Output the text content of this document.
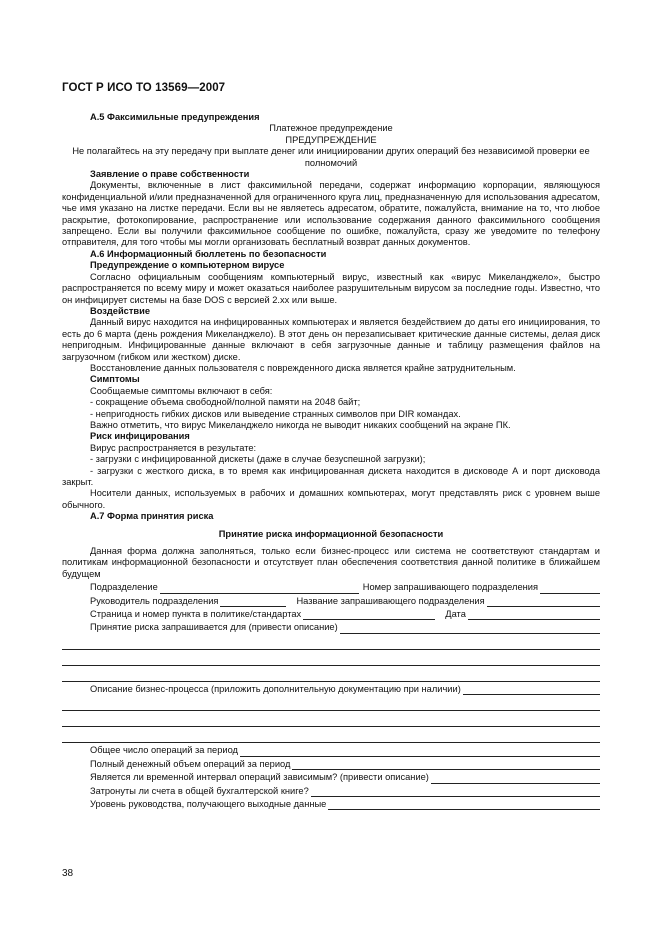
ГОСТ Р ИСО ТО 13569—2007

А.5 Факсимильные предупреждения

Платежное предупреждение

ПРЕДУПРЕЖДЕНИЕ

Не полагайтесь на эту передачу при выплате денег или инициировании других операций без независимой проверки ее полномочий

Заявление о праве собственности

Документы, включенные в лист факсимильной передачи, содержат информацию корпорации, являющуюся конфиденциальной и/или предназначенной для ограниченного круга лиц, предназначенную для использования адресатом, чье имя указано на листке передачи. Если вы не являетесь адресатом, обратите, пожалуйста, внимание на то, что любое раскрытие, фотокопирование, распространение или использование содержания данного факсимильного сообщения запрещено. Если вы получили факсимильное сообщение по ошибке, пожалуйста, сразу же уведомите по телефону отправителя, для того чтобы мы могли организовать бесплатный возврат данных документов.

А.6 Информационный бюллетень по безопасности

Предупреждение о компьютерном вирусе

Согласно официальным сообщениям компьютерный вирус, известный как «вирус Микеланджело», быстро распространяется по всему миру и может оказаться наиболее разрушительным вирусом за последние годы. Известно, что он инфицирует системы на базе DOS с версией 2.хх или выше.

Воздействие

Данный вирус находится на инфицированных компьютерах и является бездействием до даты его инициирования, то есть до 6 марта (день рождения Микеланджело). В этот день он перезаписывает критические данные системы, делая диск непригодным. Инфицированные данные включают в себя загрузочные данные и таблицу размещения файлов на загрузочном (гибком или жестком) диске.

Восстановление данных пользователя с поврежденного диска является крайне затруднительным.

Симптомы

Сообщаемые симптомы включают в себя:

- сокращение объема свободной/полной памяти на 2048 байт;

- непригодность гибких дисков или выведение странных символов при DIR командах.

Важно отметить, что вирус Микеланджело никогда не выводит никаких сообщений на экране ПК.

Риск инфицирования

Вирус распространяется в результате:

- загрузки с инфицированной дискеты (даже в случае безуспешной загрузки);

- загрузки с жесткого диска, в то время как инфицированная дискета находится в дисководе А и порт дисковода закрыт.

Носители данных, используемых в рабочих и домашних компьютерах, могут представлять риск с уровнем выше обычного.

А.7 Форма принятия риска

Принятие риска информационной безопасности

Данная форма должна заполняться, только если бизнес-процесс или система не соответствуют стандартам и политикам информационной безопасности и отсутствует план обеспечения соответствия данной политике в ближайшем будущем

Подразделение	Номер запрашивающего подразделения
Руководитель подразделения	Название запрашивающего подразделения
Страница и номер пункта в политике/стандартах	Дата
Принятие риска запрашивается для (привести описание)
Описание бизнес-процесса (приложить дополнительную документацию при наличии)
Общее число операций за период
Полный денежный объем операций за период
Является ли временной интервал операций зависимым? (привести описание)
Затронуты ли счета в общей бухгалтерской книге?
Уровень руководства, получающего выходные данные
38
